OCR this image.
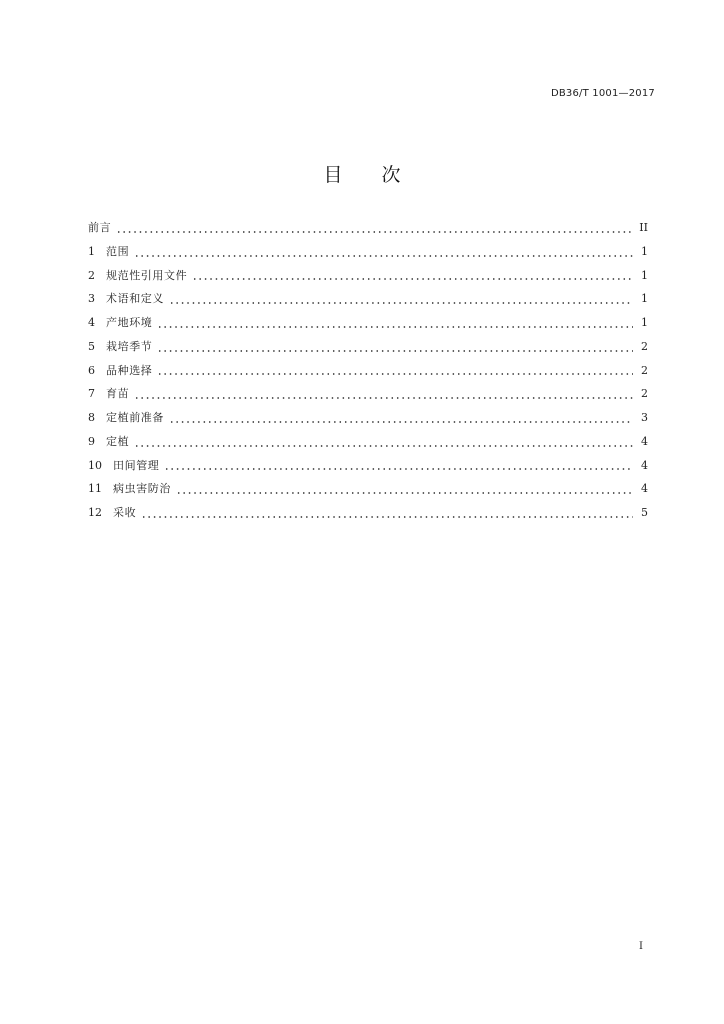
DB36/T 1001—2017
目　次
前言	II
1 范围	1
2 规范性引用文件	1
3 术语和定义	1
4 产地环境	1
5 栽培季节	2
6 品种选择	2
7 育苗	2
8 定植前准备	3
9 定植	4
10 田间管理	4
11 病虫害防治	4
12 采收	5
I
